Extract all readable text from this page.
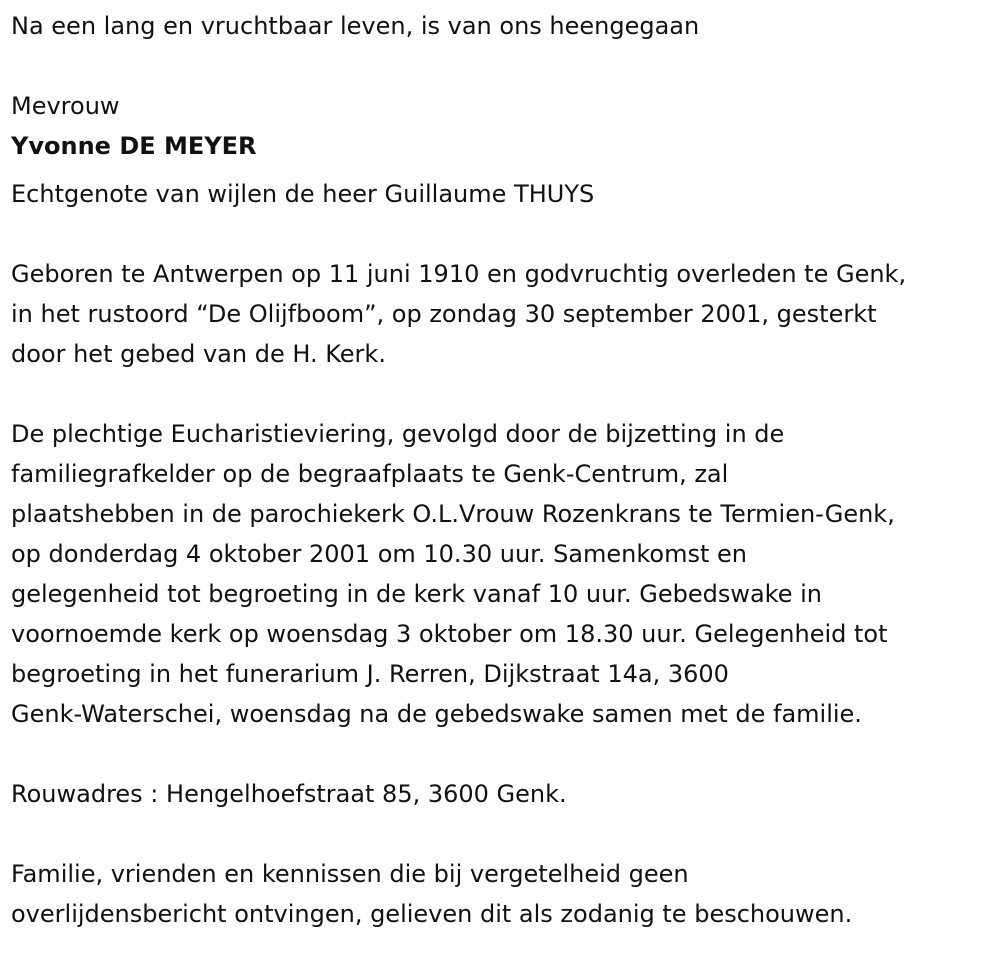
Na een lang en vruchtbaar leven, is van ons heengegaan
Mevrouw
Yvonne DE MEYER
Echtgenote van wijlen de heer Guillaume THUYS
Geboren te Antwerpen op 11 juni 1910 en godvruchtig overleden te Genk,
in het rustoord “De Olijfboom”, op zondag 30 september 2001, gesterkt
door het gebed van de H. Kerk.
De plechtige Eucharistieviering, gevolgd door de bijzetting in de
familiegrafkelder op de begraafplaats te Genk-Centrum, zal
plaatshebben in de parochiekerk O.L.Vrouw Rozenkrans te Termien-Genk,
op donderdag 4 oktober 2001 om 10.30 uur. Samenkomst en
gelegenheid tot begroeting in de kerk vanaf 10 uur. Gebedswake in
voornoemde kerk op woensdag 3 oktober om 18.30 uur. Gelegenheid tot
begroeting in het funerarium J. Rerren, Dijkstraat 14a, 3600
Genk-Waterschei, woensdag na de gebedswake samen met de familie.
Rouwadres : Hengelhoefstraat 85, 3600 Genk.
Familie, vrienden en kennissen die bij vergetelheid geen
overlijdensbericht ontvingen, gelieven dit als zodanig te beschouwen.
